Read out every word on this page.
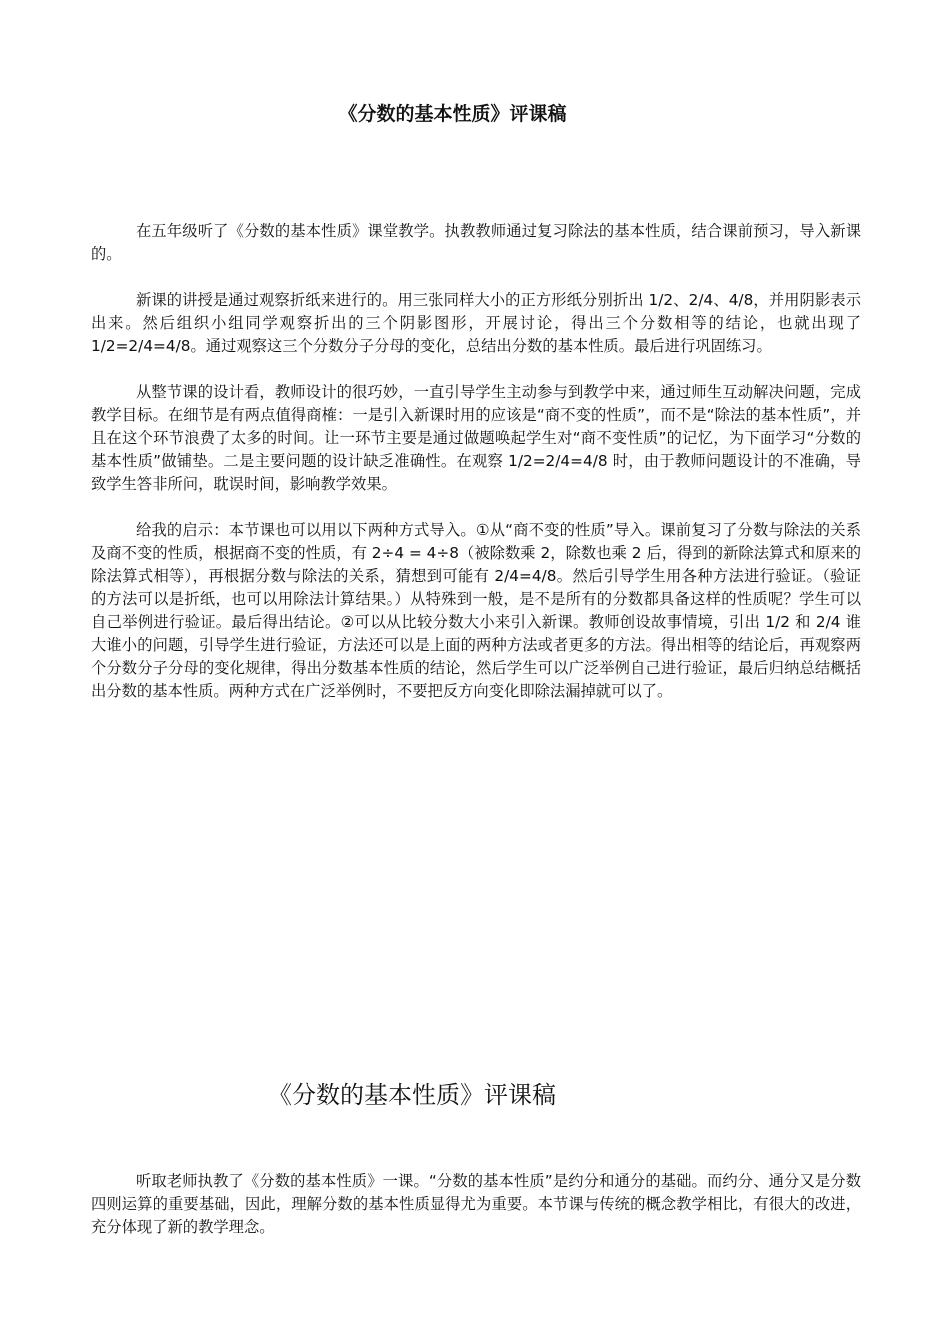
《分数的基本性质》评课稿

在五年级听了《分数的基本性质》课堂教学。执教教师通过复习除法的基本性质，结合课前预习，导入新课的。

新课的讲授是通过观察折纸来进行的。用三张同样大小的正方形纸分别折出 1/2、2/4、4/8，并用阴影表示出来。然后组织小组同学观察折出的三个阴影图形，开展讨论，得出三个分数相等的结论，也就出现了 1/2=2/4=4/8。通过观察这三个分数分子分母的变化，总结出分数的基本性质。最后进行巩固练习。

从整节课的设计看，教师设计的很巧妙，一直引导学生主动参与到教学中来，通过师生互动解决问题，完成教学目标。在细节是有两点值得商榷：一是引入新课时用的应该是“商不变的性质”，而不是“除法的基本性质”，并且在这个环节浪费了太多的时间。让一环节主要是通过做题唤起学生对“商不变性质”的记忆，为下面学习“分数的基本性质”做铺垫。二是主要问题的设计缺乏准确性。在观察 1/2=2/4=4/8 时，由于教师问题设计的不准确，导致学生答非所问，耽误时间，影响教学效果。

给我的启示：本节课也可以用以下两种方式导入。①从“商不变的性质”导入。课前复习了分数与除法的关系及商不变的性质，根据商不变的性质，有 2÷4 = 4÷8（被除数乘 2，除数也乘 2 后，得到的新除法算式和原来的除法算式相等），再根据分数与除法的关系，猜想到可能有 2/4=4/8。然后引导学生用各种方法进行验证。（验证的方法可以是折纸，也可以用除法计算结果。）从特殊到一般，是不是所有的分数都具备这样的性质呢？学生可以自己举例进行验证。最后得出结论。②可以从比较分数大小来引入新课。教师创设故事情境，引出 1/2 和 2/4 谁大谁小的问题，引导学生进行验证，方法还可以是上面的两种方法或者更多的方法。得出相等的结论后，再观察两个分数分子分母的变化规律，得出分数基本性质的结论，然后学生可以广泛举例自己进行验证，最后归纳总结概括出分数的基本性质。两种方式在广泛举例时，不要把反方向变化即除法漏掉就可以了。

《分数的基本性质》评课稿

听取老师执教了《分数的基本性质》一课。“分数的基本性质”是约分和通分的基础。而约分、通分又是分数四则运算的重要基础，因此，理解分数的基本性质显得尤为重要。本节课与传统的概念教学相比，有很大的改进，充分体现了新的教学理念。
